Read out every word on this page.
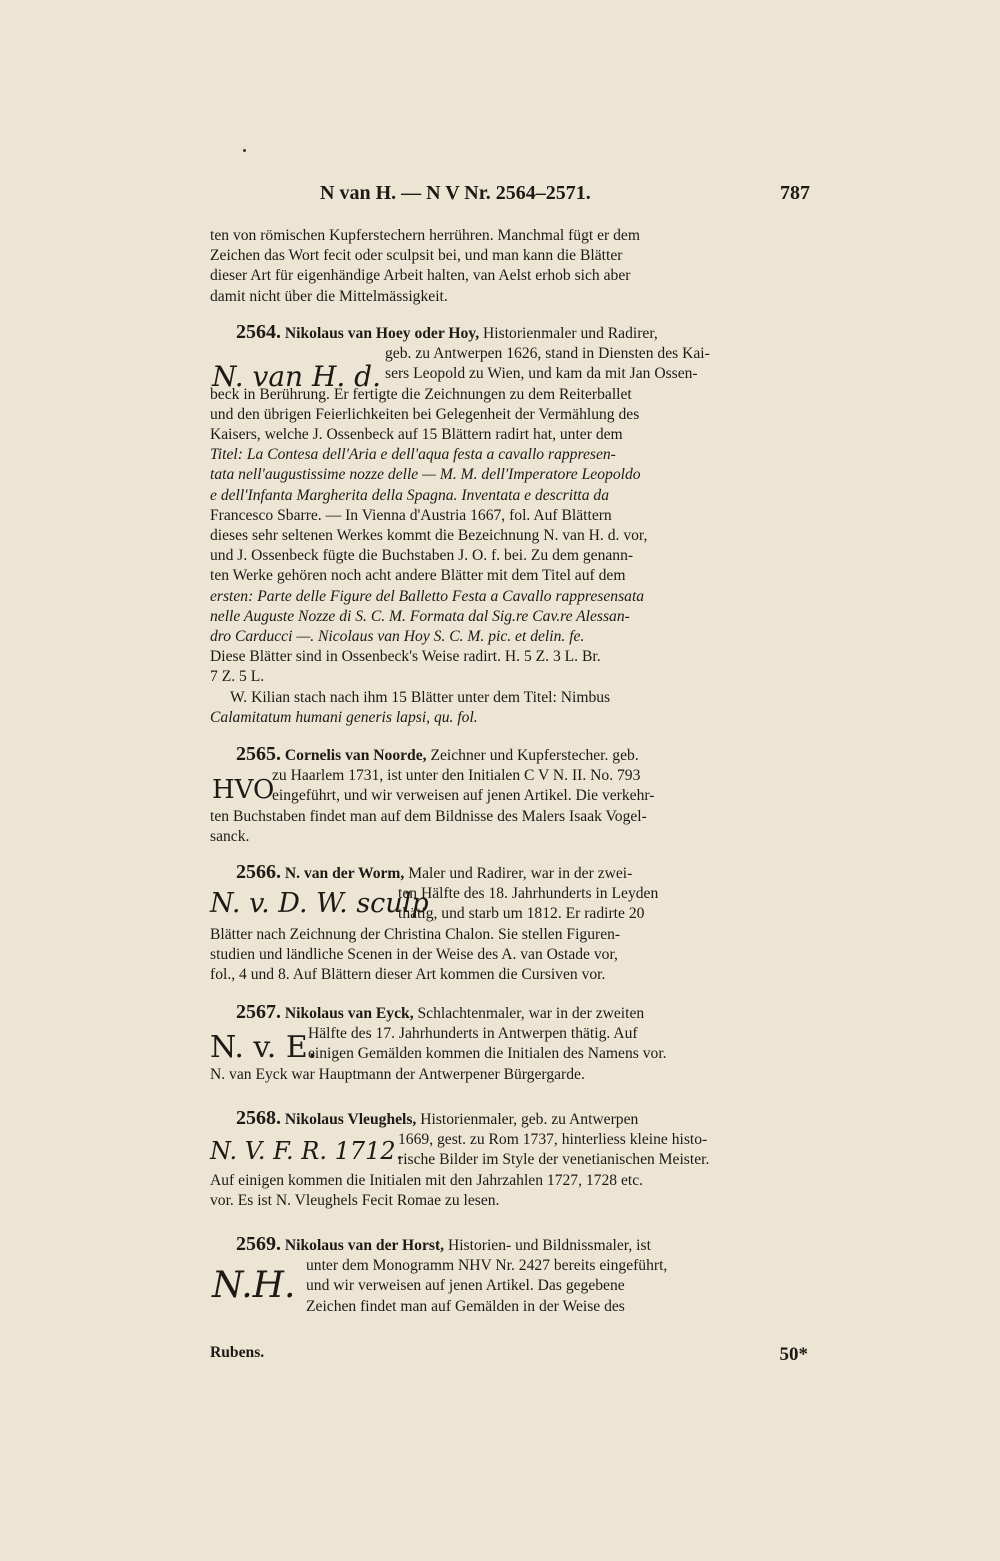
N van H. — N V Nr. 2564–2571.	787
ten von römischen Kupferstechern herrühren. Manchmal fügt er dem
Zeichen das Wort fecit oder sculpsit bei, und man kann die Blätter
dieser Art für eigenhändige Arbeit halten, van Aelst erhob sich aber
damit nicht über die Mittelmässigkeit.
2564. Nikolaus van Hoey oder Hoy, Historienmaler und Radirer,
geb. zu Antwerpen 1626, stand in Diensten des Kai-
sers Leopold zu Wien, und kam da mit Jan Ossen-
beck in Berührung. Er fertigte die Zeichnungen zu dem Reiterballet
und den übrigen Feierlichkeiten bei Gelegenheit der Vermählung des
Kaisers, welche J. Ossenbeck auf 15 Blättern radirt hat, unter dem
Titel: La Contesa dell'Aria e dell'aqua festa a cavallo rappresen-
tata nell'augustissime nozze delle — M. M. dell'Imperatore Leopoldo
e dell'Infanta Margherita della Spagna. Inventata e descritta da
Francesco Sbarre. — In Vienna d'Austria 1667, fol. Auf Blättern
dieses sehr seltenen Werkes kommt die Bezeichnung N. van H. d. vor,
und J. Ossenbeck fügte die Buchstaben J. O. f. bei. Zu dem genann-
ten Werke gehören noch acht andere Blätter mit dem Titel auf dem
ersten: Parte delle Figure del Balletto Festa a Cavallo rappresensata
nelle Auguste Nozze di S. C. M. Formata dal Sig.re Cav.re Alessan-
dro Carducci —. Nicolaus van Hoy S. C. M. pic. et delin. fe.
Diese Blätter sind in Ossenbeck's Weise radirt. H. 5 Z. 3 L. Br.
7 Z. 5 L.
W. Kilian stach nach ihm 15 Blätter unter dem Titel: Nimbus
Calamitatum humani generis lapsi, qu. fol.
N. van H. d.
2565. Cornelis van Noorde, Zeichner und Kupferstecher. geb.
zu Haarlem 1731, ist unter den Initialen C V N. II. No. 793
eingeführt, und wir verweisen auf jenen Artikel. Die verkehr-
ten Buchstaben findet man auf dem Bildnisse des Malers Isaak Vogel-
sanck.
HVO
2566. N. van der Worm, Maler und Radirer, war in der zwei-
ten Hälfte des 18. Jahrhunderts in Leyden
thätig, und starb um 1812. Er radirte 20
Blätter nach Zeichnung der Christina Chalon. Sie stellen Figuren-
studien und ländliche Scenen in der Weise des A. van Ostade vor,
fol., 4 und 8. Auf Blättern dieser Art kommen die Cursiven vor.
N. v. D. W. sculp
2567. Nikolaus van Eyck, Schlachtenmaler, war in der zweiten
Hälfte des 17. Jahrhunderts in Antwerpen thätig. Auf
einigen Gemälden kommen die Initialen des Namens vor.
N. van Eyck war Hauptmann der Antwerpener Bürgergarde.
N. v. E.
2568. Nikolaus Vleughels, Historienmaler, geb. zu Antwerpen
1669, gest. zu Rom 1737, hinterliess kleine histo-
rische Bilder im Style der venetianischen Meister.
Auf einigen kommen die Initialen mit den Jahrzahlen 1727, 1728 etc.
vor. Es ist N. Vleughels Fecit Romae zu lesen.
N. V. F. R. 1712.
2569. Nikolaus van der Horst, Historien- und Bildnissmaler, ist
unter dem Monogramm NHV Nr. 2427 bereits eingeführt,
und wir verweisen auf jenen Artikel. Das gegebene
Zeichen findet man auf Gemälden in der Weise des
N.H.
Rubens.	50*
